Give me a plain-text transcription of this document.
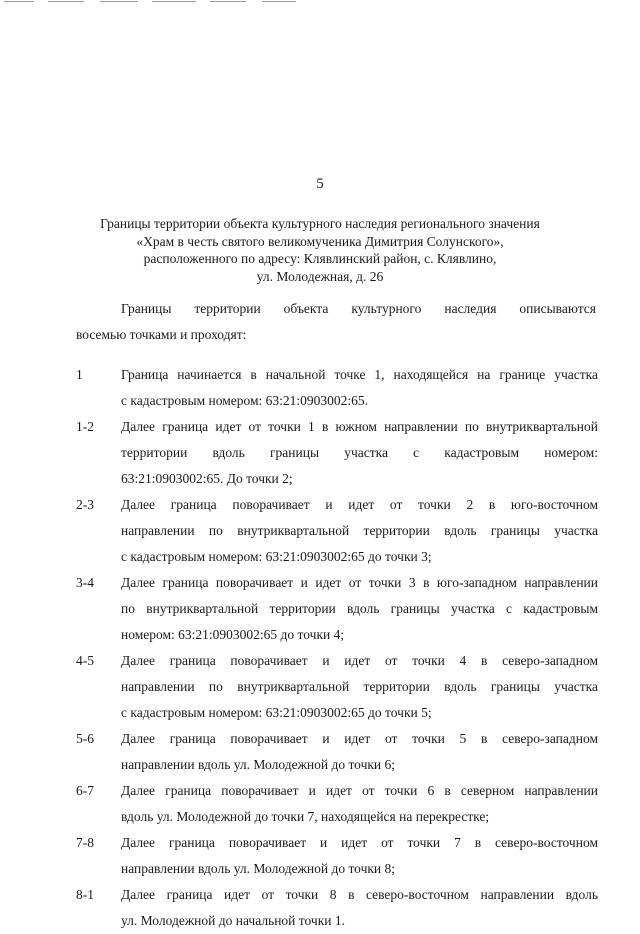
5
Границы территории объекта культурного наследия регионального значения
«Храм в честь святого великомученика Димитрия Солунского»,
расположенного по адресу: Клявлинский район, с. Клявлино,
ул. Молодежная, д. 26
Границы территории объекта культурного наследия описываются
восемью точками и проходят:
1	Граница начинается в начальной точке 1, находящейся на границе участка
с кадастровым номером: 63:21:0903002:65.
1-2	Далее граница идет от точки 1 в южном направлении по внутриквартальной
территории вдоль границы участка с кадастровым номером:
63:21:0903002:65. До точки 2;
2-3	Далее граница поворачивает и идет от точки 2 в юго-восточном
направлении по внутриквартальной территории вдоль границы участка
с кадастровым номером: 63:21:0903002:65 до точки 3;
3-4	Далее граница поворачивает и идет от точки 3 в юго-западном направлении
по внутриквартальной территории вдоль границы участка с кадастровым
номером: 63:21:0903002:65 до точки 4;
4-5	Далее граница поворачивает и идет от точки 4 в северо-западном
направлении по внутриквартальной территории вдоль границы участка
с кадастровым номером: 63:21:0903002:65 до точки 5;
5-6	Далее граница поворачивает и идет от точки 5 в северо-западном
направлении вдоль ул. Молодежной до точки 6;
6-7	Далее граница поворачивает и идет от точки 6 в северном направлении
вдоль ул. Молодежной до точки 7, находящейся на перекрестке;
7-8	Далее граница поворачивает и идет от точки 7 в северо-восточном
направлении вдоль ул. Молодежной до точки 8;
8-1	Далее граница идет от точки 8 в северо-восточном направлении вдоль
ул. Молодежной до начальной точки 1.
